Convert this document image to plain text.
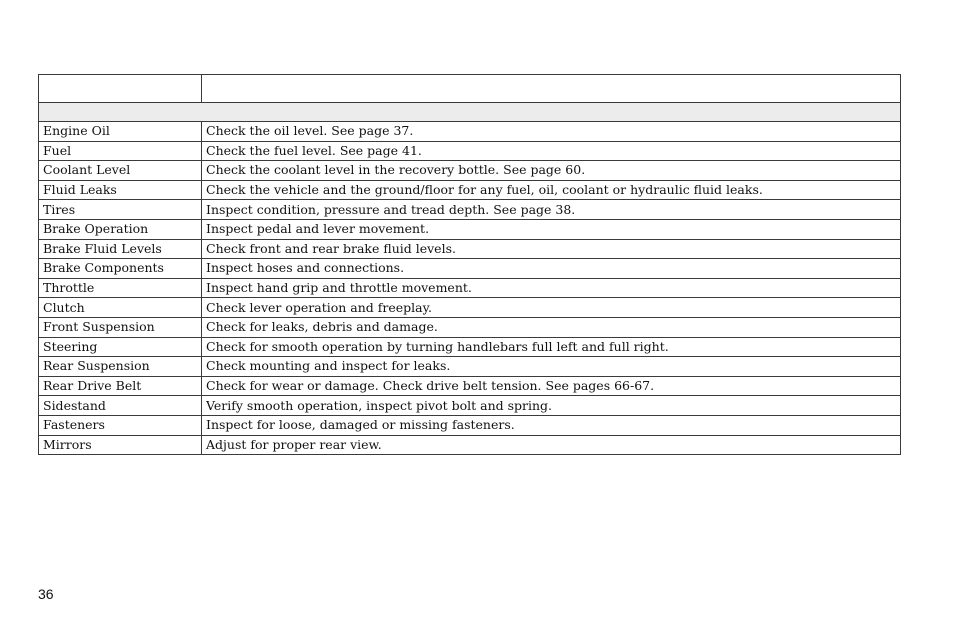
Engine Oil	Check the oil level. See page 37.
Fuel	Check the fuel level. See page 41.
Coolant Level	Check the coolant level in the recovery bottle. See page 60.
Fluid Leaks	Check the vehicle and the ground/floor for any fuel, oil, coolant or hydraulic fluid leaks.
Tires	Inspect condition, pressure and tread depth. See page 38.
Brake Operation	Inspect pedal and lever movement.
Brake Fluid Levels	Check front and rear brake fluid levels.
Brake Components	Inspect hoses and connections.
Throttle	Inspect hand grip and throttle movement.
Clutch	Check lever operation and freeplay.
Front Suspension	Check for leaks, debris and damage.
Steering	Check for smooth operation by turning handlebars full left and full right.
Rear Suspension	Check mounting and inspect for leaks.
Rear Drive Belt	Check for wear or damage. Check drive belt tension. See pages 66-67.
Sidestand	Verify smooth operation, inspect pivot bolt and spring.
Fasteners	Inspect for loose, damaged or missing fasteners.
Mirrors	Adjust for proper rear view.
36
